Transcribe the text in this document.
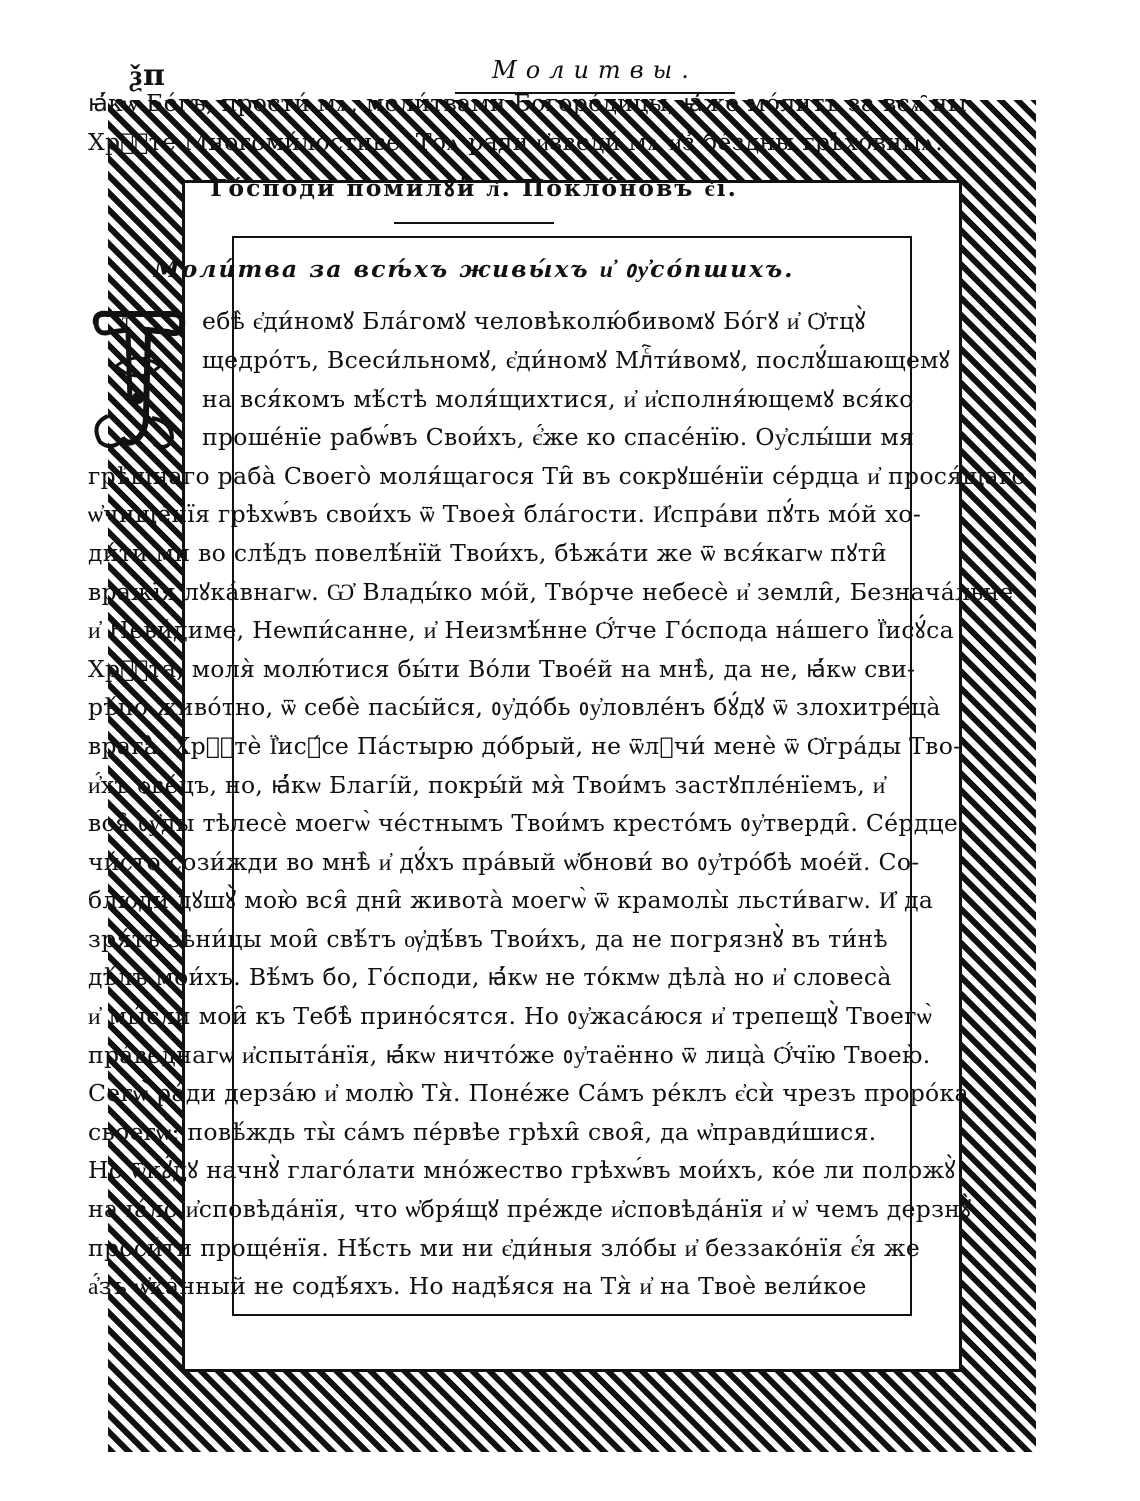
ѯп	Молитвы.
ꙗ҆́кѡ Бо́гъ, прости́ мѧ, моли́твами Богоро́дицы, ꙗ҆́же мо́литъ за всѧ̑ ны
Хрⷭ҇те̑ Многоми́лостиве. Тоѧ̀ ра́ди и҆зведи́ мѧ и҆з̾ бе́здны грѣхо́вныѧ.
Го́споди поми́лꙋй л҃. Покло́новъ є҃і.
Моли́тва за всѣ́хъ живы́хъ и҆ ᲂу҆со́пшихъ.
Т	ебѣ̀ є҆ди́номꙋ Бла́гомꙋ человѣколю́бивомꙋ Бо́гꙋ и҆ Ѻ҆тцꙋ̀
щедро́тъ, Всеси́льномꙋ, є҆ди́номꙋ Млⷭ҇ти́вомꙋ, послꙋ́шающемꙋ
на вся́комъ мѣ́стѣ моля́щихтися, и҆ и҆сполня́ющемꙋ вся́ко
проше́нїе рабѡ́въ Свои́хъ, є҆́же ко спасе́нїю. Оу҆слы́ши мя
грѣ́шнаго раба̀ Своего̀ моля́щагося Ти̑ въ сокрꙋше́нїи се́рдца и҆ прося́щаго
ѡ҆чище́нїя грѣхѡ́въ свои́хъ ѿ Твоея̀ бла́гости. И҆спра́ви пꙋ́ть мо́й хо-
ди́ти ми во слѣ́дъ повелѣ́нїй Твои́хъ, бѣжа́ти же ѿ вся́кагѡ пꙋти̑
вра́жїя лꙋка́внагѡ. Ѡ҆ Влады́ко мо́й, Тво́рче небесѐ и҆ земли̑, Безнача́льне
и҆ Неви́диме, Неѡпи́санне, и҆ Неизмѣ́нне Ѻ҆́тче Го́спода на́шего Ї҆исꙋ́са
Хрⷭ҇та̀, моля̀ молю́тися бы́ти Во́ли Твое́й на мнѣ̀, да не, ꙗ҆́кѡ сви-
рѣ́по живо́тно, ѿ себѐ пасы́йся, ᲂу҆до́бь ᲂу҆ловле́нъ бꙋ́дꙋ ѿ злохитре́ца̀
врага̀. Хрⷭ҇тѐ Ї҆исꙋ́се Па́стырю до́брый, не ѿлꙋчи́ менѐ ѿ Ѻ҆гра́ды Тво-
и҆́хъ ѻ҆ве́цъ, но, ꙗ҆́кѡ Благі́й, покры́й мя̀ Твои́мъ застꙋпле́нїемъ, и҆
вся̑ ᲂу҆́ды тѣлесѐ моегѡ̀ че́стнымъ Твои́мъ кресто́мъ ᲂу҆тверди̑. Се́рдце
чи́сто сози́жди во мнѣ̀ и҆ дꙋ́хъ пра́вый ѡ҆бнови́ во ᲂу҆тро́бѣ мое́й. Со-
блюди̑ дꙋшꙋ̀ мою̀ вся̑ дни̑ живота̀ моегѡ̀ ѿ крамолы̀ льсти́вагѡ. И҆ да
зря́тъ зѣни́цы мои̑ свѣ́тъ ѹ҆дѣ́въ Твои́хъ, да не погрязнꙋ̀ въ ти́нѣ
дѣ́лъ мои́хъ. Вѣ́мъ бо, Го́споди, ꙗ҆́кѡ не то́кмѡ дѣла̀ но и҆ словеса̀
и҆ мы́сли мои̑ къ Тебѣ̀ прино́сятся. Но ᲂу҆жаса́юся и҆ трепещꙋ̀ Твоегѡ̀
пра́веднагѡ и҆спыта́нїя, ꙗ҆́кѡ ничто́же ᲂу҆таённо ѿ лица̀ Ѻ҆́чїю Твоею̀.
Сегѡ̀ ра́ди дерза́ю и҆ молю̀ Тя̀. Поне́же Са́мъ ре́клъ є҆сѝ чрезъ проро́ка
своегѡ̀: повѣ́ждь ты̀ са́мъ пе́рвѣе грѣхи̑ своя̑, да ѡ҆правди́шися.
Но ѿкꙋ́дꙋ начнꙋ̀ глаго́лати мно́жество грѣхѡ́въ мои́хъ, ко́е ли положꙋ̀
нача́ло и҆сповѣда́нїя, что ѡ҆бря́щꙋ пре́жде и҆сповѣда́нїя и҆ ѡ҆ чемъ дерзнꙋ̀
проси́ти проще́нїя. Нѣ́сть ми ни є҆ди́ныя зло́бы и҆ беззако́нїя є҆́я же
а҆́зъ ѡ҆ка́нный не содѣ́яхъ. Но надѣ́яся на Тя̀ и҆ на Твоѐ вели́кое
